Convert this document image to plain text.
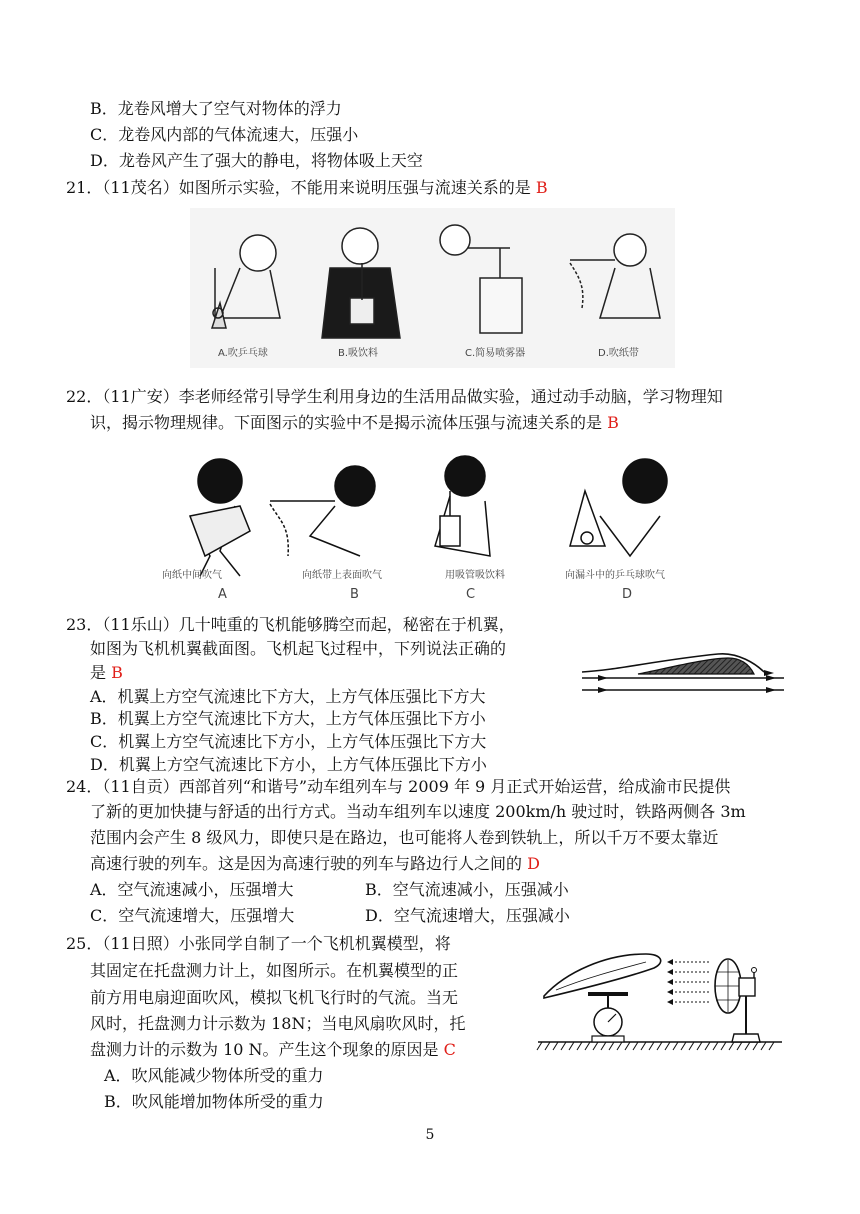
B．龙卷风增大了空气对物体的浮力
C．龙卷风内部的气体流速大，压强小
D．龙卷风产生了强大的静电，将物体吸上天空
21．（11茂名）如图所示实验，不能用来说明压强与流速关系的是 B
A.吹乒乓球	B.吸饮料	C.简易喷雾器	D.吹纸带
22．（11广安）李老师经常引导学生利用身边的生活用品做实验，通过动手动脑，学习物理知
识，揭示物理规律。下面图示的实验中不是揭示流体压强与流速关系的是 B
向纸中间吹气	向纸带上表面吹气	用吸管吸饮料	向漏斗中的乒乓球吹气
A	B	C	D
23．（11乐山）几十吨重的飞机能够腾空而起，秘密在于机翼，
如图为飞机机翼截面图。飞机起飞过程中，下列说法正确的
是 B
A．机翼上方空气流速比下方大，上方气体压强比下方大
B．机翼上方空气流速比下方大，上方气体压强比下方小
C．机翼上方空气流速比下方小，上方气体压强比下方大
D．机翼上方空气流速比下方小，上方气体压强比下方小
24．（11自贡）西部首列“和谐号”动车组列车与 2009 年 9 月正式开始运营，给成渝市民提供
了新的更加快捷与舒适的出行方式。当动车组列车以速度 200km/h 驶过时，铁路两侧各 3m
范围内会产生 8 级风力，即使只是在路边，也可能将人卷到铁轨上，所以千万不要太靠近
高速行驶的列车。这是因为高速行驶的列车与路边行人之间的 D
A．空气流速减小，压强增大	B．空气流速减小，压强减小
C．空气流速增大，压强增大	D．空气流速增大，压强减小
25．（11日照）小张同学自制了一个飞机机翼模型，将
其固定在托盘测力计上，如图所示。在机翼模型的正
前方用电扇迎面吹风，模拟飞机飞行时的气流。当无
风时，托盘测力计示数为 18N；当电风扇吹风时，托
盘测力计的示数为 10 N。产生这个现象的原因是 C
A．吹风能减少物体所受的重力
B．吹风能增加物体所受的重力
5
